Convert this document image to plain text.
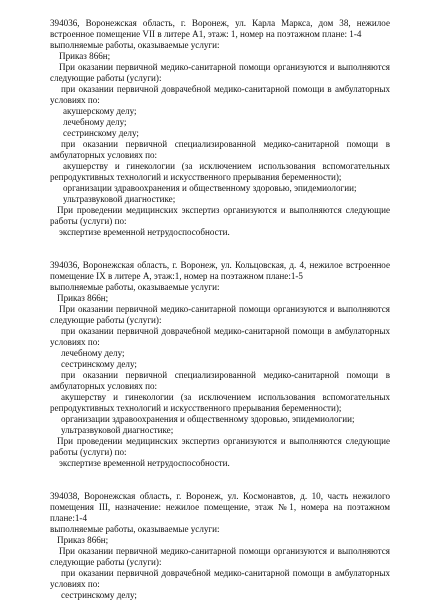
394036, Воронежская область, г. Воронеж, ул. Карла Маркса, дом 38, нежилое
встроенное помещение VII в литере А1, этаж: 1, номер на поэтажном плане: 1-4
выполняемые работы, оказываемые услуги:
Приказ 866н;
При оказании первичной медико-санитарной помощи организуются и выполняются
следующие работы (услуги):
при оказании первичной доврачебной медико-санитарной помощи в амбулаторных
условиях по:
акушерскому делу;
лечебному делу;
сестринскому делу;
при оказании первичной специализированной медико-санитарной помощи в
амбулаторных условиях по:
акушерству и гинекологии (за исключением использования вспомогательных
репродуктивных технологий и искусственного прерывания беременности);
организации здравоохранения и общественному здоровью, эпидемиологии;
ультразвуковой диагностике;
При проведении медицинских экспертиз организуются и выполняются следующие
работы (услуги) по:
экспертизе временной нетрудоспособности.
394036, Воронежская область, г. Воронеж, ул. Кольцовская, д. 4, нежилое встроенное
помещение IX в литере А, этаж:1, номер на поэтажном плане:1-5
выполняемые работы, оказываемые услуги:
Приказ 866н;
При оказании первичной медико-санитарной помощи организуются и выполняются
следующие работы (услуги):
при оказании первичной доврачебной медико-санитарной помощи в амбулаторных
условиях по:
лечебному делу;
сестринскому делу;
при оказании первичной специализированной медико-санитарной помощи в
амбулаторных условиях по:
акушерству и гинекологии (за исключением использования вспомогательных
репродуктивных технологий и искусственного прерывания беременности);
организации здравоохранения и общественному здоровью, эпидемиологии;
ультразвуковой диагностике;
При проведении медицинских экспертиз организуются и выполняются следующие
работы (услуги) по:
экспертизе временной нетрудоспособности.
394038, Воронежская область, г. Воронеж, ул. Космонавтов, д. 10, часть нежилого
помещения III, назначение: нежилое помещение, этаж №1, номера на поэтажном
плане:1-4
выполняемые работы, оказываемые услуги:
Приказ 866н;
При оказании первичной медико-санитарной помощи организуются и выполняются
следующие работы (услуги):
при оказании первичной доврачебной медико-санитарной помощи в амбулаторных
условиях по:
сестринскому делу;
